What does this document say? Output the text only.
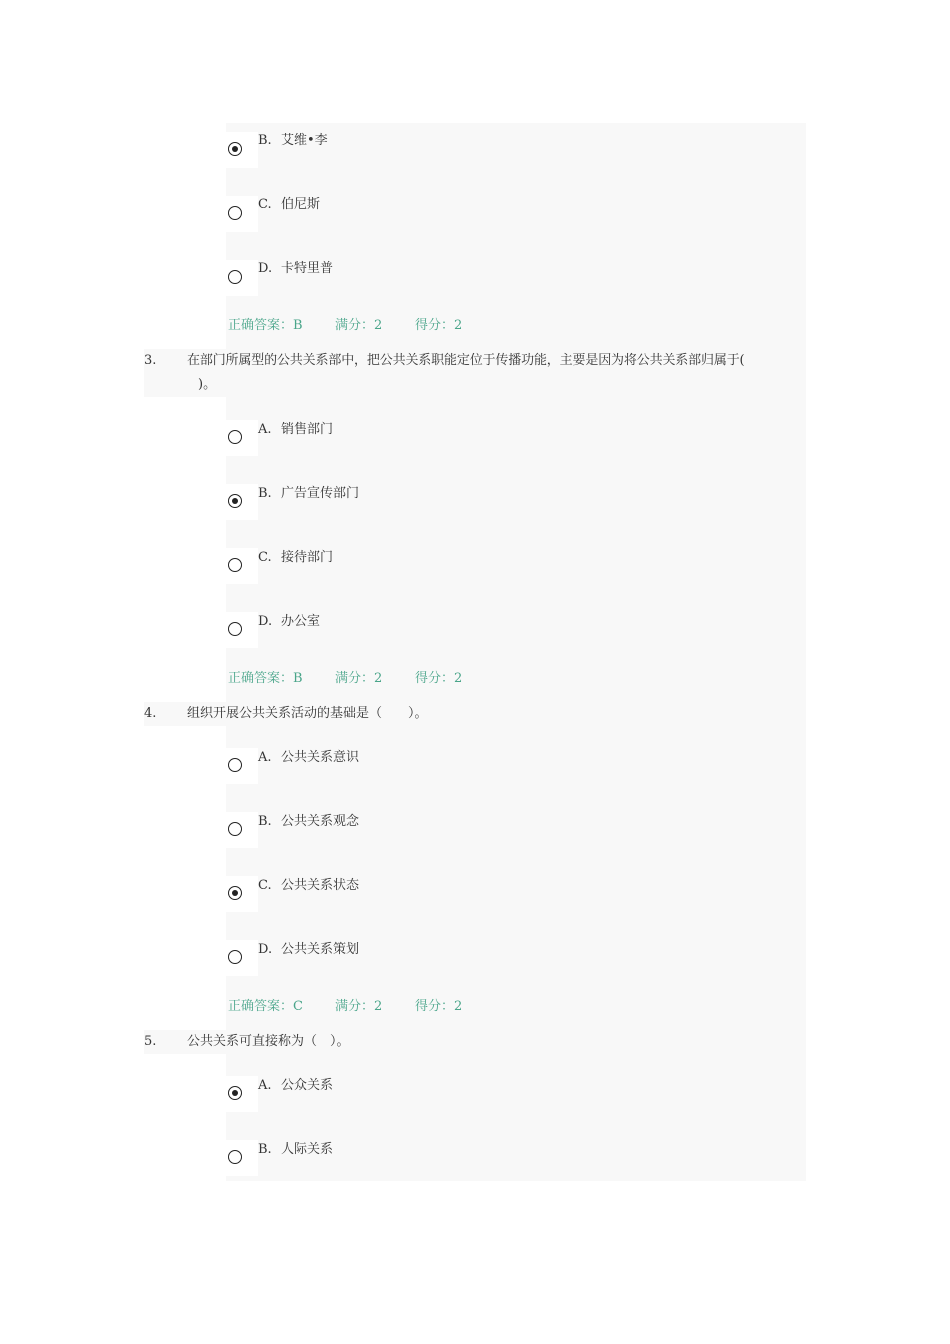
B. 艾维•李
C. 伯尼斯
D. 卡特里普
正确答案：B 满分：2	得分：2
3.	在部门所属型的公共关系部中，把公共关系职能定位于传播功能，主要是因为将公共关系部归属于(
)。
A. 销售部门
B. 广告宣传部门
C. 接待部门
D. 办公室
正确答案：B 满分：2	得分：2
4.	组织开展公共关系活动的基础是（　　）。
A. 公共关系意识
B. 公共关系观念
C. 公共关系状态
D. 公共关系策划
正确答案：C 满分：2	得分：2
5.	公共关系可直接称为（　）。
A. 公众关系
B. 人际关系
